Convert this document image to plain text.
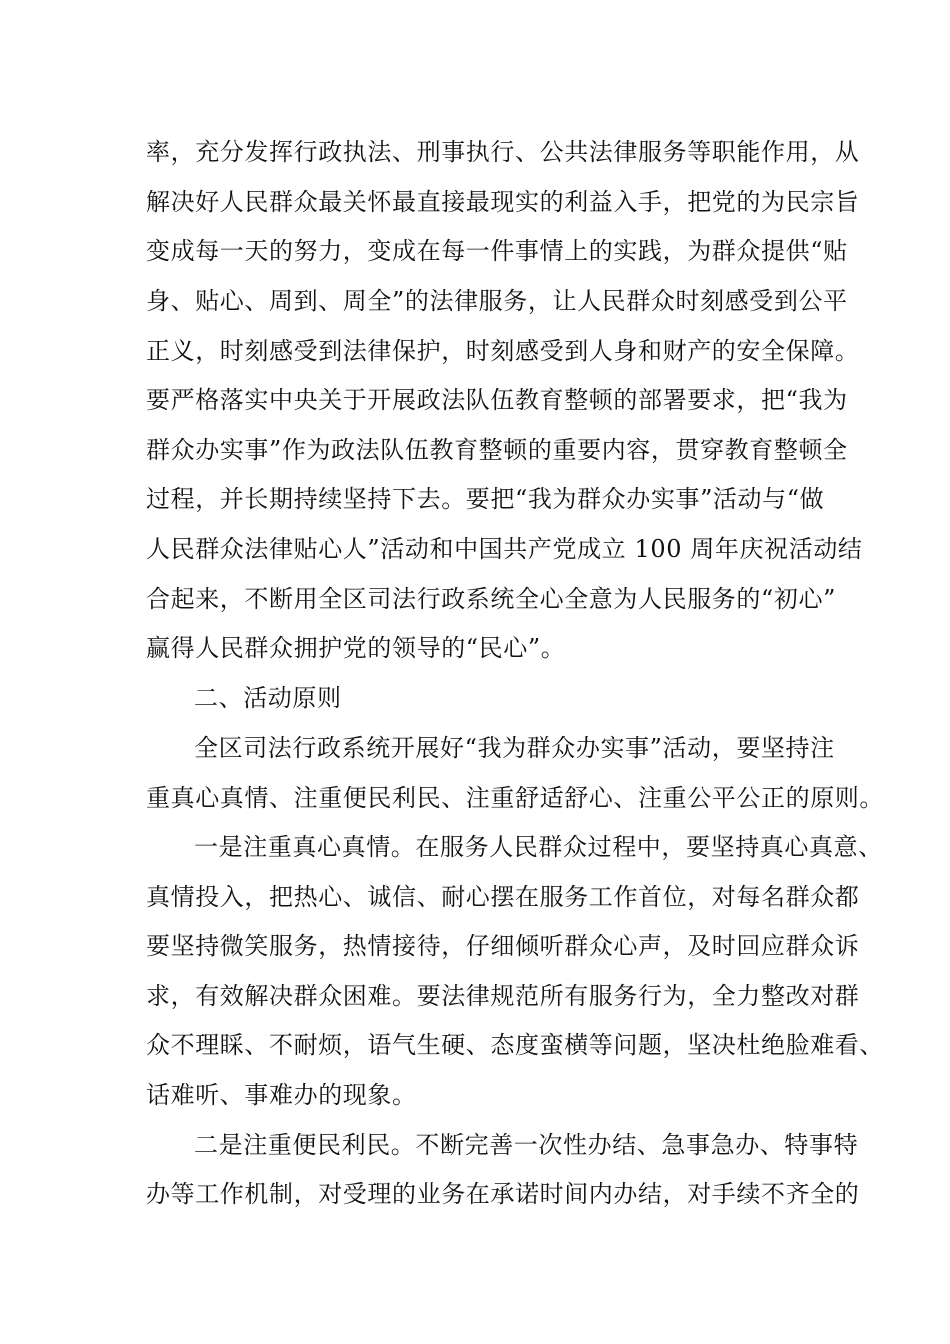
率，充分发挥行政执法、刑事执行、公共法律服务等职能作用，从
解决好人民群众最关怀最直接最现实的利益入手，把党的为民宗旨
变成每一天的努力，变成在每一件事情上的实践，为群众提供“贴
身、贴心、周到、周全”的法律服务，让人民群众时刻感受到公平
正义，时刻感受到法律保护，时刻感受到人身和财产的安全保障。
要严格落实中央关于开展政法队伍教育整顿的部署要求，把“我为
群众办实事”作为政法队伍教育整顿的重要内容，贯穿教育整顿全
过程，并长期持续坚持下去。要把“我为群众办实事”活动与“做
人民群众法律贴心人”活动和中国共产党成立 100 周年庆祝活动结
合起来，不断用全区司法行政系统全心全意为人民服务的“初心”
赢得人民群众拥护党的领导的“民心”。
二、活动原则
全区司法行政系统开展好“我为群众办实事”活动，要坚持注
重真心真情、注重便民利民、注重舒适舒心、注重公平公正的原则。
一是注重真心真情。在服务人民群众过程中，要坚持真心真意、
真情投入，把热心、诚信、耐心摆在服务工作首位，对每名群众都
要坚持微笑服务，热情接待，仔细倾听群众心声，及时回应群众诉
求，有效解决群众困难。要法律规范所有服务行为，全力整改对群
众不理睬、不耐烦，语气生硬、态度蛮横等问题，坚决杜绝脸难看、
话难听、事难办的现象。
二是注重便民利民。不断完善一次性办结、急事急办、特事特
办等工作机制，对受理的业务在承诺时间内办结，对手续不齐全的
